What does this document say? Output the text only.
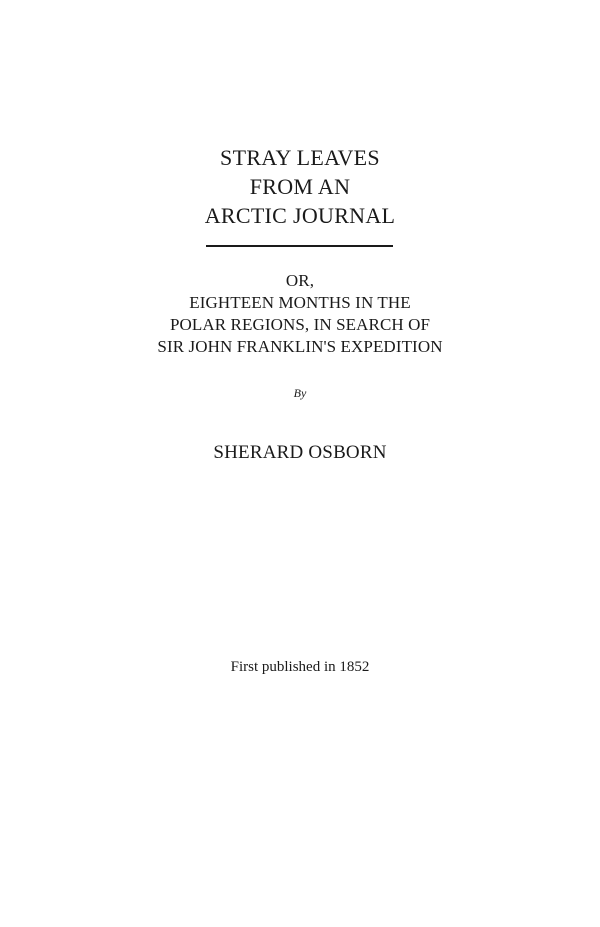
STRAY LEAVES
FROM AN
ARCTIC JOURNAL
OR,
EIGHTEEN MONTHS IN THE
POLAR REGIONS, IN SEARCH OF
SIR JOHN FRANKLIN'S EXPEDITION
By
SHERARD OSBORN
First published in 1852
